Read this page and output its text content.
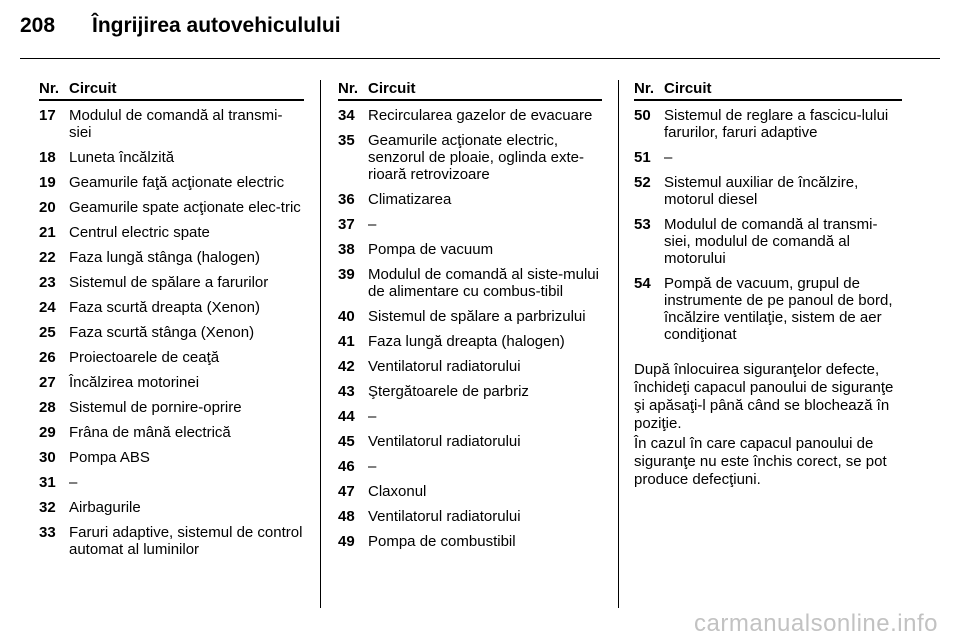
208	Îngrijirea autovehiculului
Nr. Circuit
17 Modulul de comandă al transmi-siei
18 Luneta încălzită
19 Geamurile faţă acţionate electric
20 Geamurile spate acţionate elec-tric
21 Centrul electric spate
22 Faza lungă stânga (halogen)
23 Sistemul de spălare a farurilor
24 Faza scurtă dreapta (Xenon)
25 Faza scurtă stânga (Xenon)
26 Proiectoarele de ceaţă
27 Încălzirea motorinei
28 Sistemul de pornire-oprire
29 Frâna de mână electrică
30 Pompa ABS
31 –
32 Airbagurile
33 Faruri adaptive, sistemul de control automat al luminilor
Nr. Circuit
34 Recircularea gazelor de evacuare
35 Geamurile acţionate electric, senzorul de ploaie, oglinda exte-rioară retrovizoare
36 Climatizarea
37 –
38 Pompa de vacuum
39 Modulul de comandă al siste-mului de alimentare cu combus-tibil
40 Sistemul de spălare a parbrizului
41 Faza lungă dreapta (halogen)
42 Ventilatorul radiatorului
43 Ştergătoarele de parbriz
44 –
45 Ventilatorul radiatorului
46 –
47 Claxonul
48 Ventilatorul radiatorului
49 Pompa de combustibil
Nr. Circuit
50 Sistemul de reglare a fascicu-lului farurilor, faruri adaptive
51 –
52 Sistemul auxiliar de încălzire, motorul diesel
53 Modulul de comandă al transmi-siei, modulul de comandă al motorului
54 Pompă de vacuum, grupul de instrumente de pe panoul de bord, încălzire ventilaţie, sistem de aer condiţionat

După înlocuirea siguranţelor defecte, închideţi capacul panoului de siguranţe şi apăsaţi-l până când se blochează în poziţie.

În cazul în care capacul panoului de siguranţe nu este închis corect, se pot produce defecţiuni.

carmanualsonline.info
